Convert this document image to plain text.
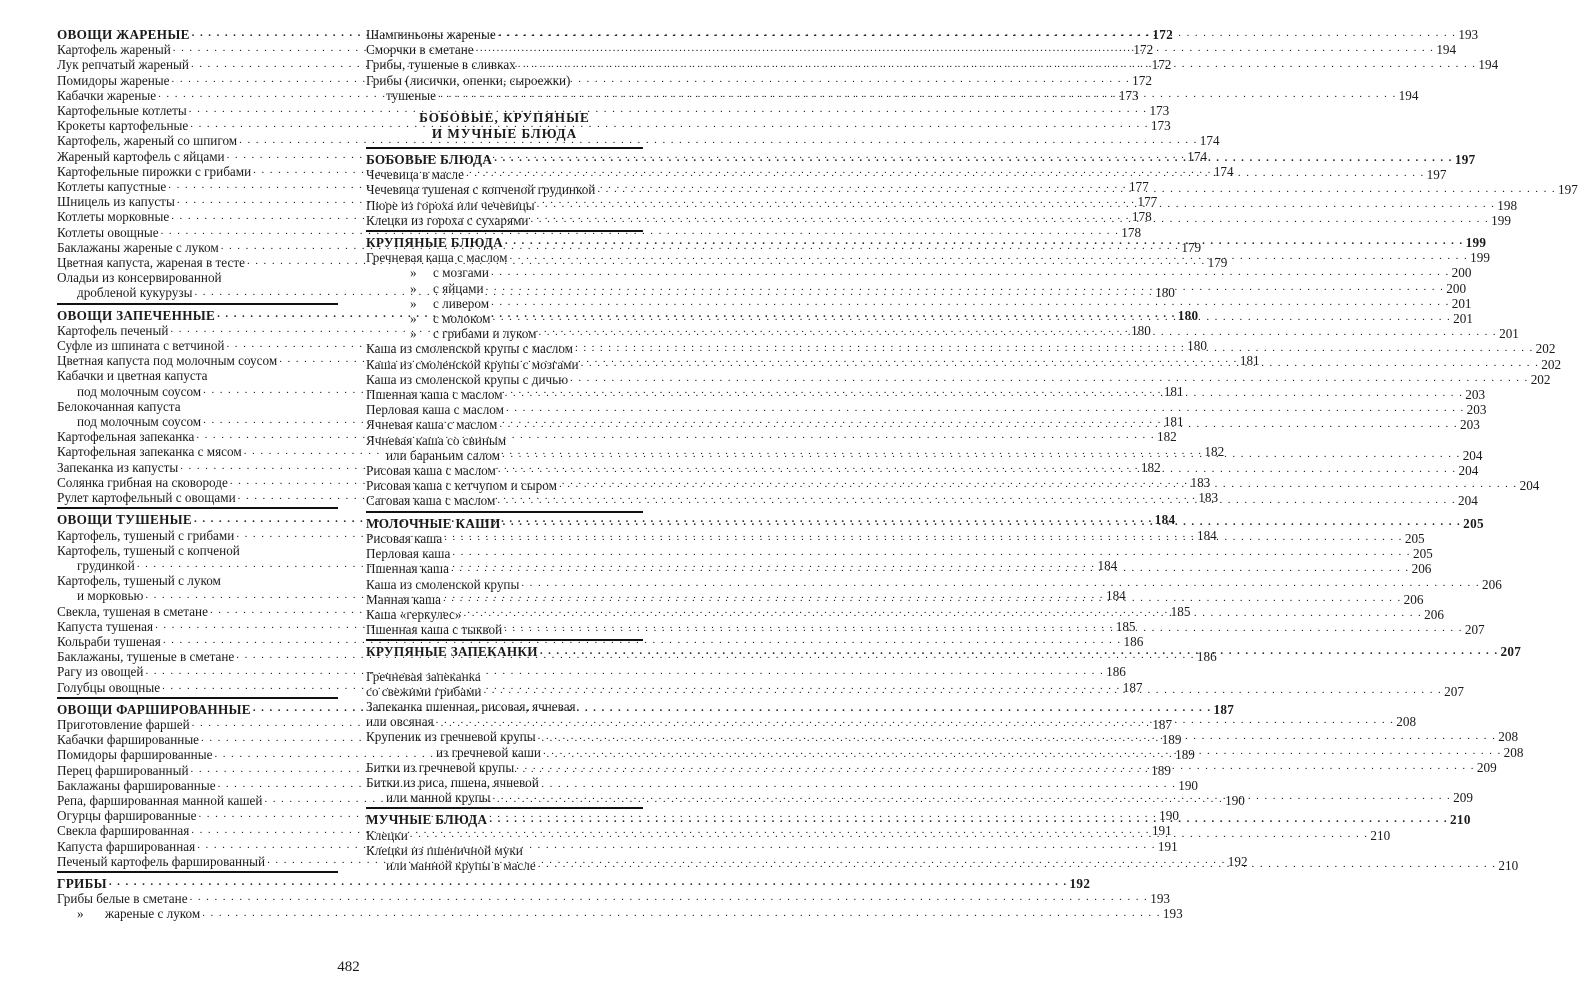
ОВОЩИ ЖАРЕНЫЕ . . .	172
Картофель жареный . . .	172
Лук репчатый жареный . . .	172
Помидоры жареные . . .	172
Кабачки жареные . . .	173
Картофельные котлеты . . .	173
Крокеты картофельные . . .	173
Картофель, жареный со шпигом . . .	174
Жареный картофель с яйцами . . .	174
Картофельные пирожки с грибами . . .	174
Котлеты капустные . . .	177
Шницель из капусты . . .	177
Котлеты морковные . . .	178
Котлеты овощные . . .	178
Баклажаны жареные с луком . . .	179
Цветная капуста, жареная в тесте . . .	179
Оладьи из консервированной
дробленой кукурузы . . .	180
ОВОЩИ ЗАПЕЧЕННЫЕ . . .	180
Картофель печеный . . .	180
Суфле из шпината с ветчиной . . .	180
Цветная капуста под молочным соусом . . .	181
Кабачки и цветная капуста
под молочным соусом . . .	181
Белокочанная капуста
под молочным соусом . . .	181
Картофельная запеканка . . .	182
Картофельная запеканка с мясом . . .	182
Запеканка из капусты . . .	182
Солянка грибная на сковороде . . .	183
Рулет картофельный с овощами . . .	183
ОВОЩИ ТУШЕНЫЕ . . .	184
Картофель, тушеный с грибами . . .	184
Картофель, тушеный с копченой
грудинкой . . .	184
Картофель, тушеный с луком
и морковью . . .	184
Свекла, тушеная в сметане . . .	185
Капуста тушеная . . .	185
Кольраби тушеная . . .	186
Баклажаны, тушеные в сметане . . .	186
Рагу из овощей . . .	186
Голубцы овощные . . .	187
ОВОЩИ ФАРШИРОВАННЫЕ . . .	187
Приготовление фаршей . . .	187
Кабачки фаршированные . . .	189
Помидоры фаршированные . . .	189
Перец фаршированный . . .	189
Баклажаны фаршированные . . .	190
Репа, фаршированная манной кашей . . .	190
Огурцы фаршированные . . .	190
Свекла фаршированная . . .	191
Капуста фаршированная . . .	191
Печеный картофель фаршированный . . .	192
ГРИБЫ . . .	192
Грибы белые в сметане . . .	193
» жареные с луком . . .	193
Шампиньоны жареные . . .	193
Сморчки в сметане . . .	194
Грибы, тушеные в сливках . . .	194
Грибы (лисички, опенки, сыроежки)
тушеные . . .	194
БОБОВЫЕ, КРУПЯНЫЕ
И МУЧНЫЕ БЛЮДА
БОБОВЫЕ БЛЮДА . . .	197
Чечевица в масле . . .	197
Чечевица тушеная с копченой грудинкой . . .	197
Пюре из гороха или чечевицы . . .	198
Клецки из гороха с сухарями . . .	199
КРУПЯНЫЕ БЛЮДА . . .	199
Гречневая каша с маслом . . .	199
» с мозгами . . .	200
» с яйцами . . .	200
» с ливером . . .	201
» с молоком . . .	201
» с грибами и луком . . .	201
Каша из смоленской крупы с маслом . . .	202
Каша из смоленской крупы с мозгами . . .	202
Каша из смоленской крупы с дичью . . .	202
Пшенная каша с маслом . . .	203
Перловая каша с маслом . . .	203
Ячневая каша с маслом . . .	203
Ячневая каша со свиным
или бараньим салом . . .	204
Рисовая каша с маслом . . .	204
Рисовая каша с кетчупом и сыром . . .	204
Саговая каша с маслом . . .	204
МОЛОЧНЫЕ КАШИ . . .	205
Рисовая каша . . .	205
Перловая каша . . .	205
Пшенная каша . . .	206
Каша из смоленской крупы . . .	206
Манная каша . . .	206
Каша «геркулес» . . .	206
Пшенная каша с тыквой . . .	207
КРУПЯНЫЕ ЗАПЕКАНКИ . . .	207
Гречневая запеканка
со свежими грибами . . .	207
Запеканка пшенная, рисовая, ячневая
или овсяная . . .	208
Крупеник из гречневой крупы . . .	208
из гречневой каши . . .	208
Битки из гречневой крупы . . .	209
Битки из риса, пшена, ячневой
или манной крупы . . .	209
МУЧНЫЕ БЛЮДА . . .	210
Клецки . . .	210
Клецки из пшеничной муки
или манной крупы в масле . . .	210
482
